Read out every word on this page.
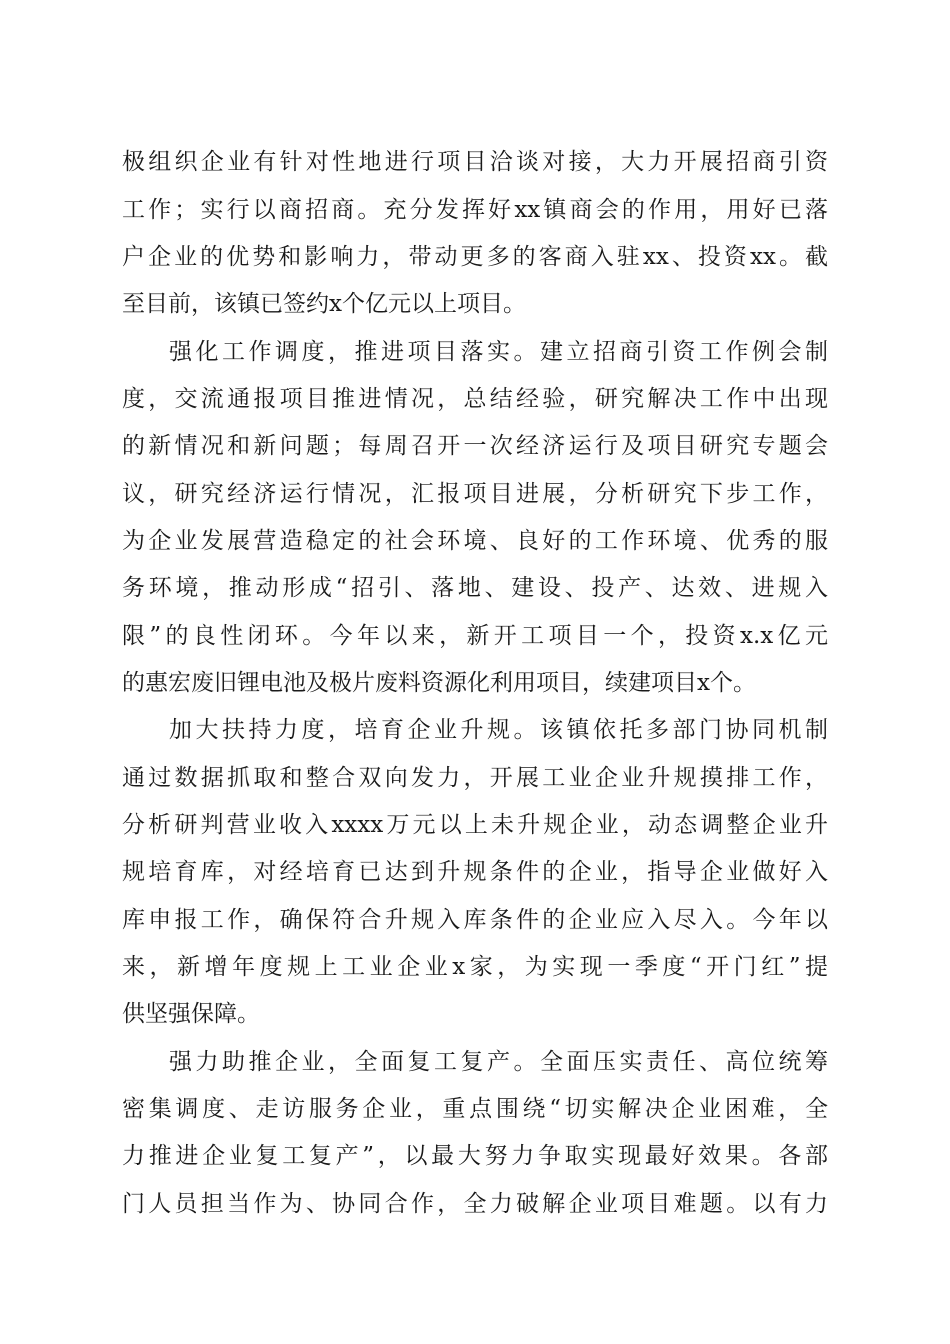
极组织企业有针对性地进行项目洽谈对接，大力开展招商引资

工作；实行以商招商。充分发挥好xx镇商会的作用，用好已落

户企业的优势和影响力，带动更多的客商入驻xx、投资xx。截

至目前，该镇已签约x个亿元以上项目。

强化工作调度，推进项目落实。建立招商引资工作例会制

度，交流通报项目推进情况，总结经验，研究解决工作中出现

的新情况和新问题；每周召开一次经济运行及项目研究专题会

议，研究经济运行情况，汇报项目进展，分析研究下步工作，

为企业发展营造稳定的社会环境、良好的工作环境、优秀的服

务环境，推动形成“招引、落地、建设、投产、达效、进规入

限”的良性闭环。今年以来，新开工项目一个，投资x.x亿元

的惠宏废旧锂电池及极片废料资源化利用项目，续建项目x个。

加大扶持力度，培育企业升规。该镇依托多部门协同机制

通过数据抓取和整合双向发力，开展工业企业升规摸排工作，

分析研判营业收入xxxx万元以上未升规企业，动态调整企业升

规培育库，对经培育已达到升规条件的企业，指导企业做好入

库申报工作，确保符合升规入库条件的企业应入尽入。今年以

来，新增年度规上工业企业x家，为实现一季度“开门红”提

供坚强保障。

强力助推企业，全面复工复产。全面压实责任、高位统筹

密集调度、走访服务企业，重点围绕“切实解决企业困难，全

力推进企业复工复产”，以最大努力争取实现最好效果。各部

门人员担当作为、协同合作，全力破解企业项目难题。以有力
